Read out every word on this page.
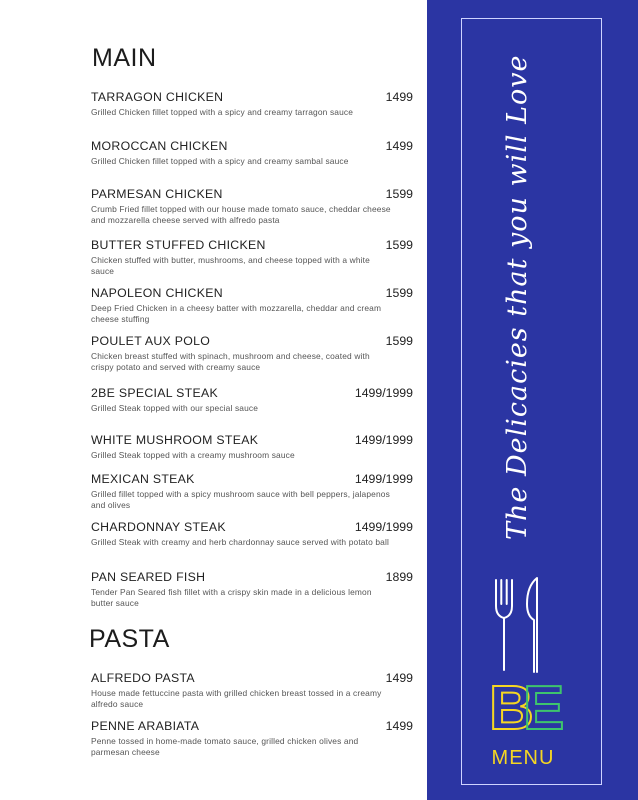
MAIN
TARRAGON CHICKEN	1499
Grilled Chicken fillet topped with a spicy and creamy tarragon sauce
MOROCCAN CHICKEN	1499
Grilled Chicken fillet topped with a spicy and creamy sambal sauce
PARMESAN CHICKEN	1599
Crumb Fried fillet topped with our house made tomato sauce, cheddar cheese and mozzarella cheese served with alfredo pasta
BUTTER STUFFED CHICKEN	1599
Chicken stuffed with butter, mushrooms, and cheese topped with a white sauce
NAPOLEON CHICKEN	1599
Deep Fried Chicken in a cheesy batter with mozzarella, cheddar and cream cheese stuffing
POULET AUX POLO	1599
Chicken breast stuffed with spinach, mushroom and cheese, coated with crispy potato and served with creamy sauce
2BE SPECIAL STEAK	1499/1999
Grilled Steak topped with our special sauce
WHITE MUSHROOM STEAK	1499/1999
Grilled Steak topped with a creamy mushroom sauce
MEXICAN STEAK	1499/1999
Grilled fillet topped with a spicy mushroom sauce with bell peppers, jalapenos and olives
CHARDONNAY STEAK	1499/1999
Grilled Steak with creamy and herb chardonnay sauce served with potato ball
PAN SEARED FISH	1899
Tender Pan Seared fish fillet with a crispy skin made in a delicious lemon butter sauce
PASTA
ALFREDO PASTA	1499
House made fettuccine pasta with grilled chicken breast tossed in a creamy alfredo sauce
PENNE ARABIATA	1499
Penne tossed in home-made tomato sauce, grilled chicken olives and parmesan cheese
The Delicacies that you will Love
B
E
MENU
